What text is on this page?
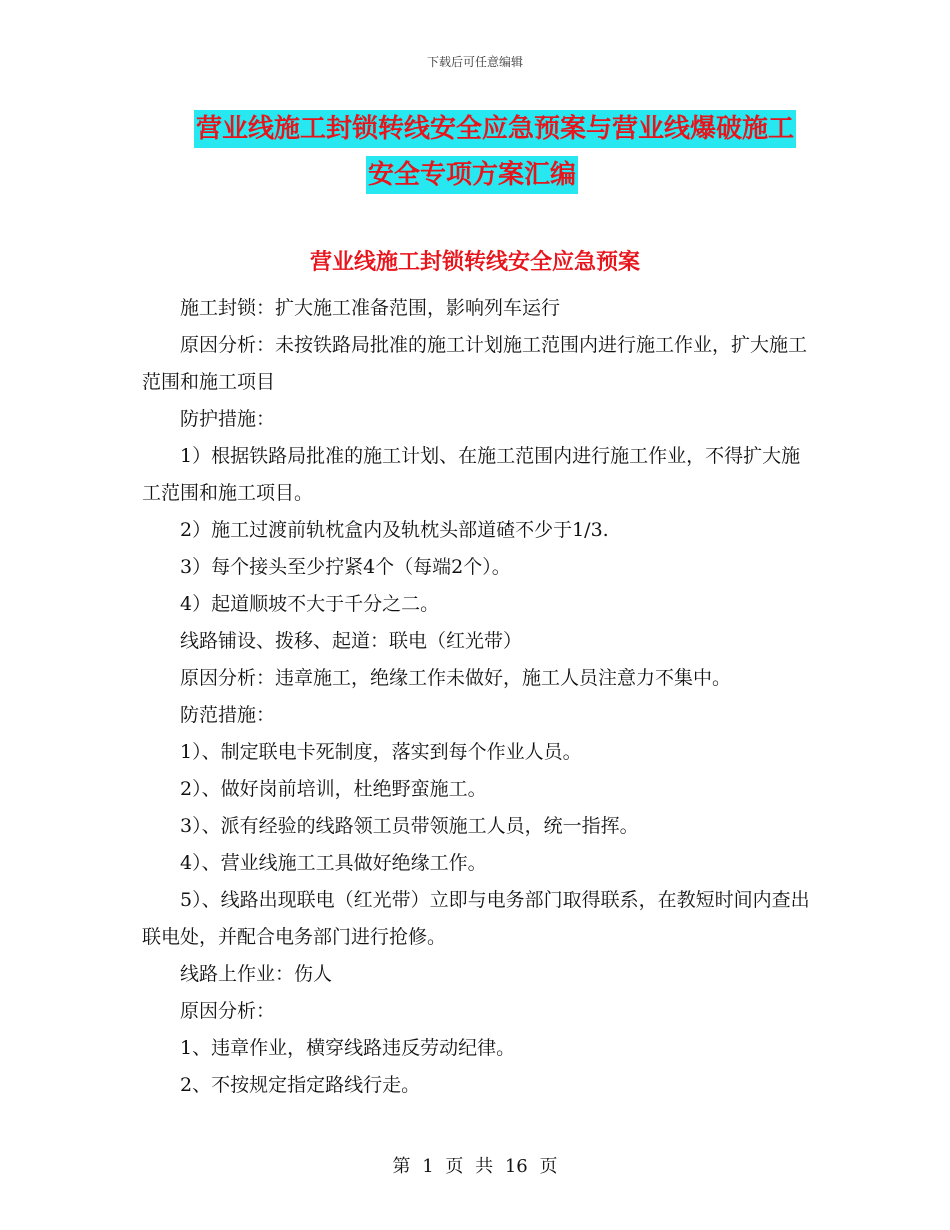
下载后可任意编辑
营业线施工封锁转线安全应急预案与营业线爆破施工
安全专项方案汇编
营业线施工封锁转线安全应急预案

施工封锁：扩大施工准备范围，影响列车运行

原因分析：未按铁路局批准的施工计划施工范围内进行施工作业，扩大施工范围和施工项目

防护措施：

1）根据铁路局批准的施工计划、在施工范围内进行施工作业，不得扩大施工范围和施工项目。

2）施工过渡前轨枕盒内及轨枕头部道碴不少于1/3.

3）每个接头至少拧紧4个（每端2个）。

4）起道顺坡不大于千分之二。

线路铺设、拨移、起道：联电（红光带）

原因分析：违章施工，绝缘工作未做好，施工人员注意力不集中。

防范措施：

1）、制定联电卡死制度，落实到每个作业人员。

2）、做好岗前培训，杜绝野蛮施工。

3）、派有经验的线路领工员带领施工人员，统一指挥。

4）、营业线施工工具做好绝缘工作。

5）、线路出现联电（红光带）立即与电务部门取得联系，在教短时间内查出联电处，并配合电务部门进行抢修。

线路上作业：伤人

原因分析：

1、违章作业，横穿线路违反劳动纪律。

2、不按规定指定路线行走。

第 1 页 共 16 页
